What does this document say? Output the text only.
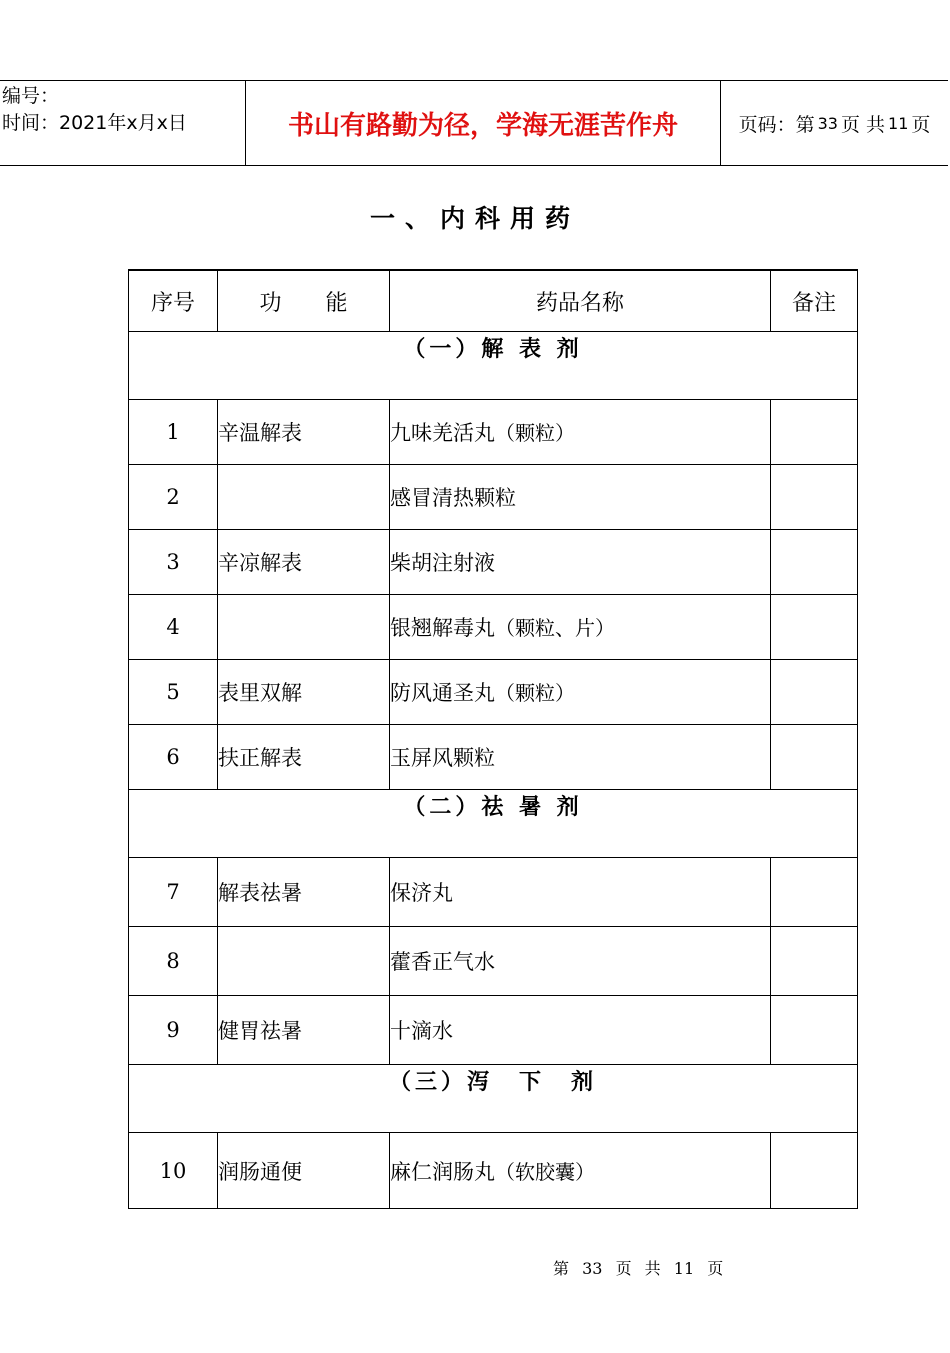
编号：
时间：2021年x月x日	书山有路勤为径，学海无涯苦作舟	页码：第 33 页 共 11 页
一、内科用药
序号	功　　能	药品名称	备注
（一）解 表 剂			
1	辛温解表	九味羌活丸（颗粒）	
2		感冒清热颗粒	
3	辛凉解表	柴胡注射液	
4		银翘解毒丸（颗粒、片）	
5	表里双解	防风通圣丸（颗粒）	
6	扶正解表	玉屏风颗粒	
（二）祛 暑 剂			
7	解表祛暑	保济丸	
8		藿香正气水	
9	健胃祛暑	十滴水	
（三）泻　下　剂			
10	润肠通便	麻仁润肠丸（软胶囊）	
第 33 页 共 11 页
